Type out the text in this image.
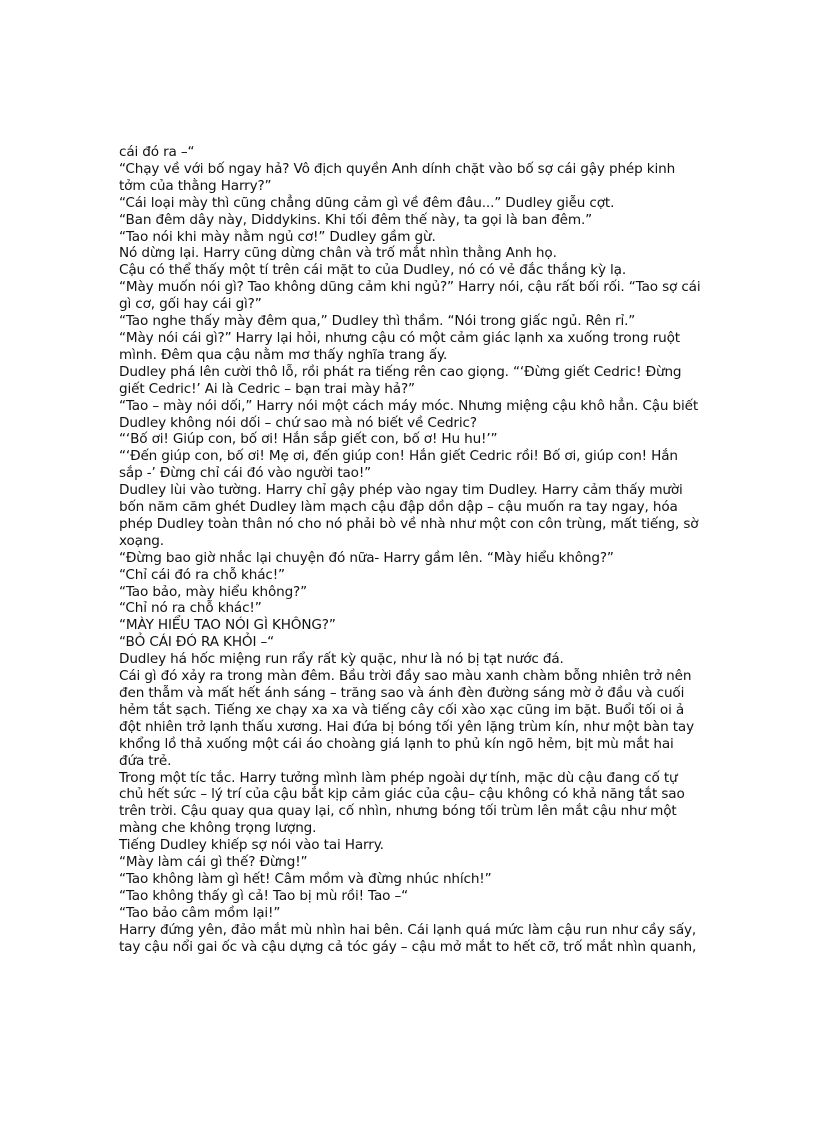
cái đó ra –“

“Chạy về với bố ngay hả? Vô địch quyền Anh dính chặt vào bố sợ cái gậy phép kinh tởm của thằng Harry?”

“Cái loại mày thì cũng chẳng dũng cảm gì về đêm đâu...” Dudley giễu cợt.

“Ban đêm dây này, Diddykins. Khi tối đêm thế này, ta gọi là ban đêm.”

“Tao nói khi mày nằm ngủ cơ!” Dudley gầm gừ.

Nó dừng lại. Harry cũng dừng chân và trố mắt nhìn thằng Anh họ.

Cậu có thể thấy một tí trên cái mặt to của Dudley, nó có vẻ đắc thắng kỳ lạ.

“Mày muốn nói gì? Tao không dũng cảm khi ngủ?” Harry nói, cậu rất bối rối. “Tao sợ cái gì cơ, gối hay cái gì?”

“Tao nghe thấy mày đêm qua,” Dudley thì thầm. “Nói trong giấc ngủ. Rên rỉ.”

“Mày nói cái gì?” Harry lại hỏi, nhưng cậu có một cảm giác lạnh xa xuống trong ruột mình. Đêm qua cậu nằm mơ thấy nghĩa trang ấy.

Dudley phá lên cười thô lỗ, rồi phát ra tiếng rên cao giọng. “‘Đừng giết Cedric! Đừng giết Cedric!’ Ai là Cedric – bạn trai mày hả?”

“Tao – mày nói dối,” Harry nói một cách máy móc. Nhưng miệng cậu khô hẳn. Cậu biết Dudley không nói dối – chứ sao mà nó biết về Cedric?

“‘Bố ơi! Giúp con, bố ơi! Hắn sắp giết con, bố ơ! Hu hu!’”

“‘Đến giúp con, bố ơi! Mẹ ơi, đến giúp con! Hắn giết Cedric rồi! Bố ơi, giúp con! Hắn sắp -’ Đừng chỉ cái đó vào người tao!”

Dudley lùi vào tường. Harry chỉ gậy phép vào ngay tim Dudley. Harry cảm thấy mười bốn năm căm ghét Dudley làm mạch cậu đập dồn dập – cậu muốn ra tay ngay, hóa phép Dudley toàn thân nó cho nó phải bò về nhà như một con côn trùng, mất tiếng, sờ xoạng.

“Đừng bao giờ nhắc lại chuyện đó nữa- Harry gầm lên. “Mày hiểu không?”

“Chỉ cái đó ra chỗ khác!”

“Tao bảo, mày hiểu không?”

“Chỉ nó ra chỗ khác!”

“MÀY HIỂU TAO NÓI GÌ KHÔNG?”

“BỎ CÁI ĐÓ RA KHỎI –“

Dudley há hốc miệng run rẩy rất kỳ quặc, như là nó bị tạt nước đá.

Cái gì đó xảy ra trong màn đêm. Bầu trời đầy sao màu xanh chàm bỗng nhiên trở nên đen thẫm và mất hết ánh sáng – trăng sao và ánh đèn đường sáng mờ ở đầu và cuối hẻm tắt sạch. Tiếng xe chạy xa xa và tiếng cây cối xào xạc cũng im bặt. Buổi tối oi ả đột nhiên trở lạnh thấu xương. Hai đứa bị bóng tối yên lặng trùm kín, như một bàn tay khổng lồ thả xuống một cái áo choàng giá lạnh to phủ kín ngõ hẻm, bịt mù mắt hai đứa trẻ.

Trong một tíc tắc. Harry tưởng mình làm phép ngoài dự tính, mặc dù cậu đang cố tự chủ hết sức – lý trí của cậu bắt kịp cảm giác của cậu– cậu không có khả năng tắt sao trên trời. Cậu quay qua quay lại, cố nhìn, nhưng bóng tối trùm lên mắt cậu như một màng che không trọng lượng.

Tiếng Dudley khiếp sợ nói vào tai Harry.

“Mày làm cái gì thế? Đừng!”

“Tao không làm gì hết! Câm mồm và đừng nhúc nhích!”

“Tao không thấy gì cả! Tao bị mù rồi! Tao –“

“Tao bảo câm mồm lại!”

Harry đứng yên, đảo mắt mù nhìn hai bên. Cái lạnh quá mức làm cậu run như cầy sấy, tay cậu nổi gai ốc và cậu dựng cả tóc gáy – cậu mở mắt to hết cỡ, trố mắt nhìn quanh,
